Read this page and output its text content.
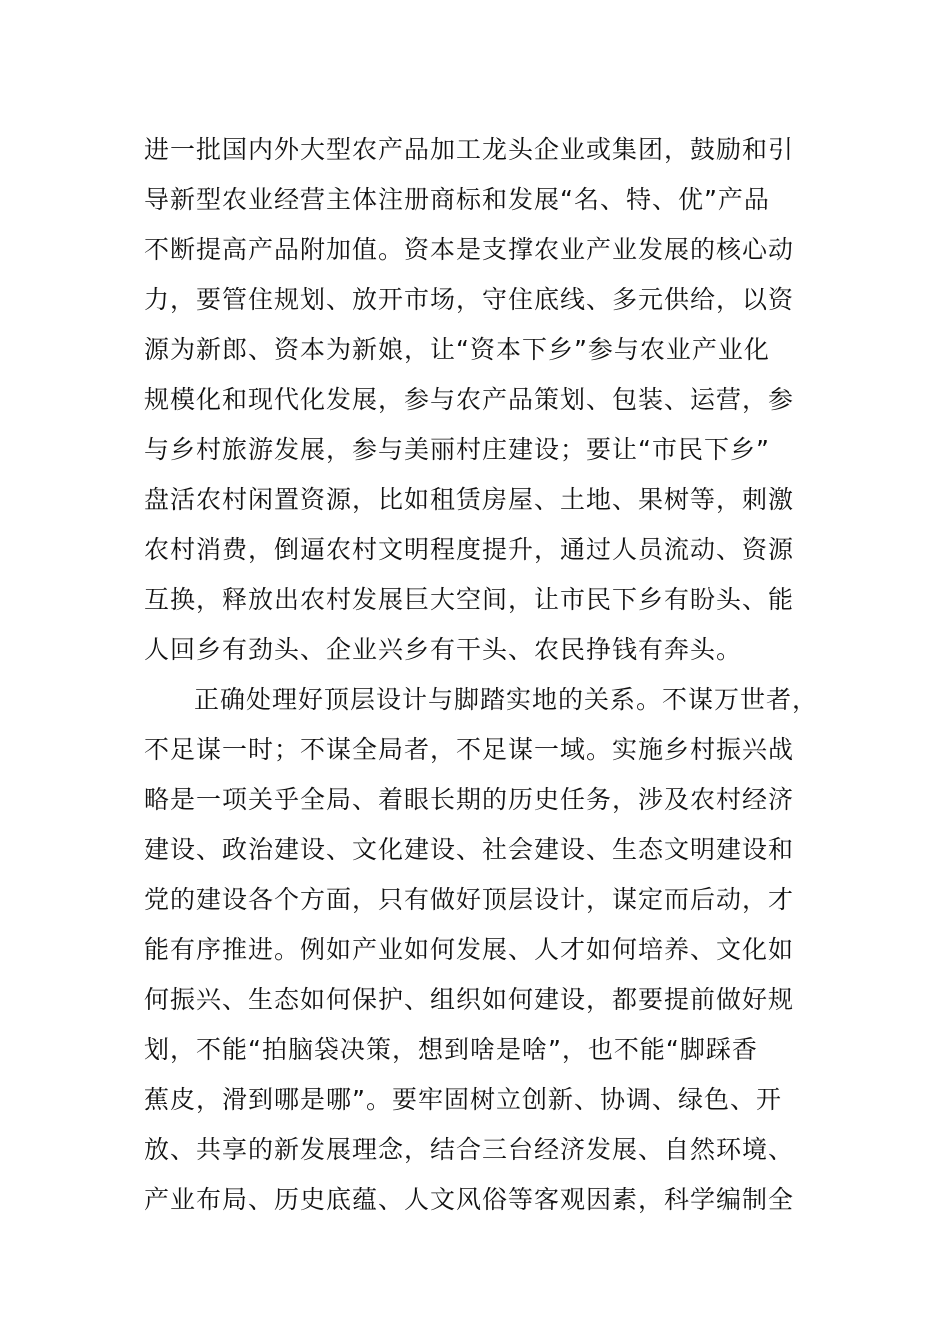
进一批国内外大型农产品加工龙头企业或集团，鼓励和引
导新型农业经营主体注册商标和发展“名、特、优”产品
不断提高产品附加值。资本是支撑农业产业发展的核心动
力，要管住规划、放开市场，守住底线、多元供给，以资
源为新郎、资本为新娘，让“资本下乡”参与农业产业化
规模化和现代化发展，参与农产品策划、包装、运营，参
与乡村旅游发展，参与美丽村庄建设；要让“市民下乡”
盘活农村闲置资源，比如租赁房屋、土地、果树等，刺激
农村消费，倒逼农村文明程度提升，通过人员流动、资源
互换，释放出农村发展巨大空间，让市民下乡有盼头、能
人回乡有劲头、企业兴乡有干头、农民挣钱有奔头。
正确处理好顶层设计与脚踏实地的关系。不谋万世者，
不足谋一时；不谋全局者，不足谋一域。实施乡村振兴战
略是一项关乎全局、着眼长期的历史任务，涉及农村经济
建设、政治建设、文化建设、社会建设、生态文明建设和
党的建设各个方面，只有做好顶层设计，谋定而后动，才
能有序推进。例如产业如何发展、人才如何培养、文化如
何振兴、生态如何保护、组织如何建设，都要提前做好规
划，不能“拍脑袋决策，想到啥是啥”，也不能“脚踩香
蕉皮，滑到哪是哪”。要牢固树立创新、协调、绿色、开
放、共享的新发展理念，结合三台经济发展、自然环境、
产业布局、历史底蕴、人文风俗等客观因素，科学编制全
